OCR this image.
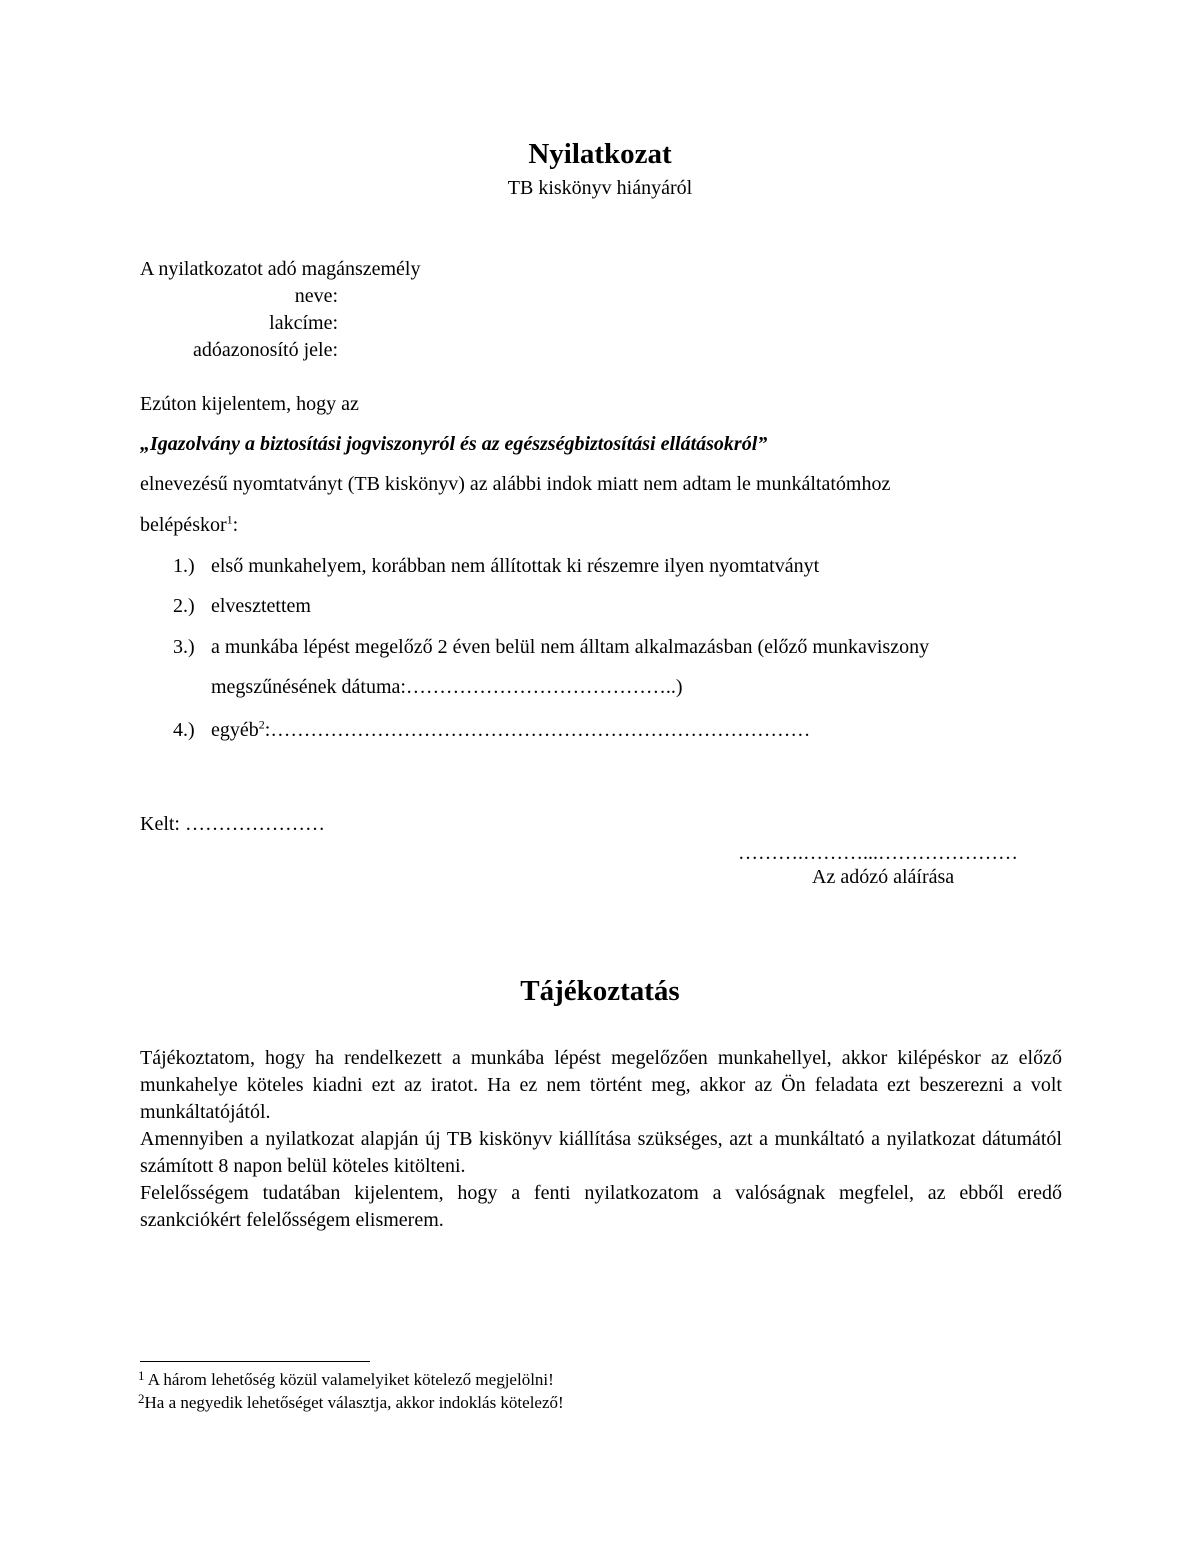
Nyilatkozat
TB kiskönyv hiányáról
A nyilatkozatot adó magánszemély
neve:
lakcíme:
adóazonosító jele:
Ezúton kijelentem, hogy az
„Igazolvány a biztosítási jogviszonyról és az egészségbiztosítási ellátásokról”
elnevezésű nyomtatványt (TB kiskönyv) az alábbi indok miatt nem adtam le munkáltatómhoz
belépéskor$^1$:
1.) első munkahelyem, korábban nem állítottak ki részemre ilyen nyomtatványt
2.) elvesztettem
3.) a munkába lépést megelőző 2 éven belül nem álltam alkalmazásban (előző munkaviszony
megszűnésének dátuma:…………………………………..)
4.) egyéb$^2$:………………………………………………………………………
Kelt: …………………
……….………...…………………
Az adózó aláírása
Tájékoztatás

Tájékoztatom, hogy ha rendelkezett a munkába lépést megelőzően munkahellyel, akkor kilépéskor az előző munkahelye köteles kiadni ezt az iratot. Ha ez nem történt meg, akkor az Ön feladata ezt beszerezni a volt munkáltatójától.

Amennyiben a nyilatkozat alapján új TB kiskönyv kiállítása szükséges, azt a munkáltató a nyilatkozat dátumától számított 8 napon belül köteles kitölteni.

Felelősségem tudatában kijelentem, hogy a fenti nyilatkozatom a valóságnak megfelel, az ebből eredő szankciókért felelősségem elismerem.

$^1$ A három lehetőség közül valamelyiket kötelező megjelölni!
$^2$Ha a negyedik lehetőséget választja, akkor indoklás kötelező!
